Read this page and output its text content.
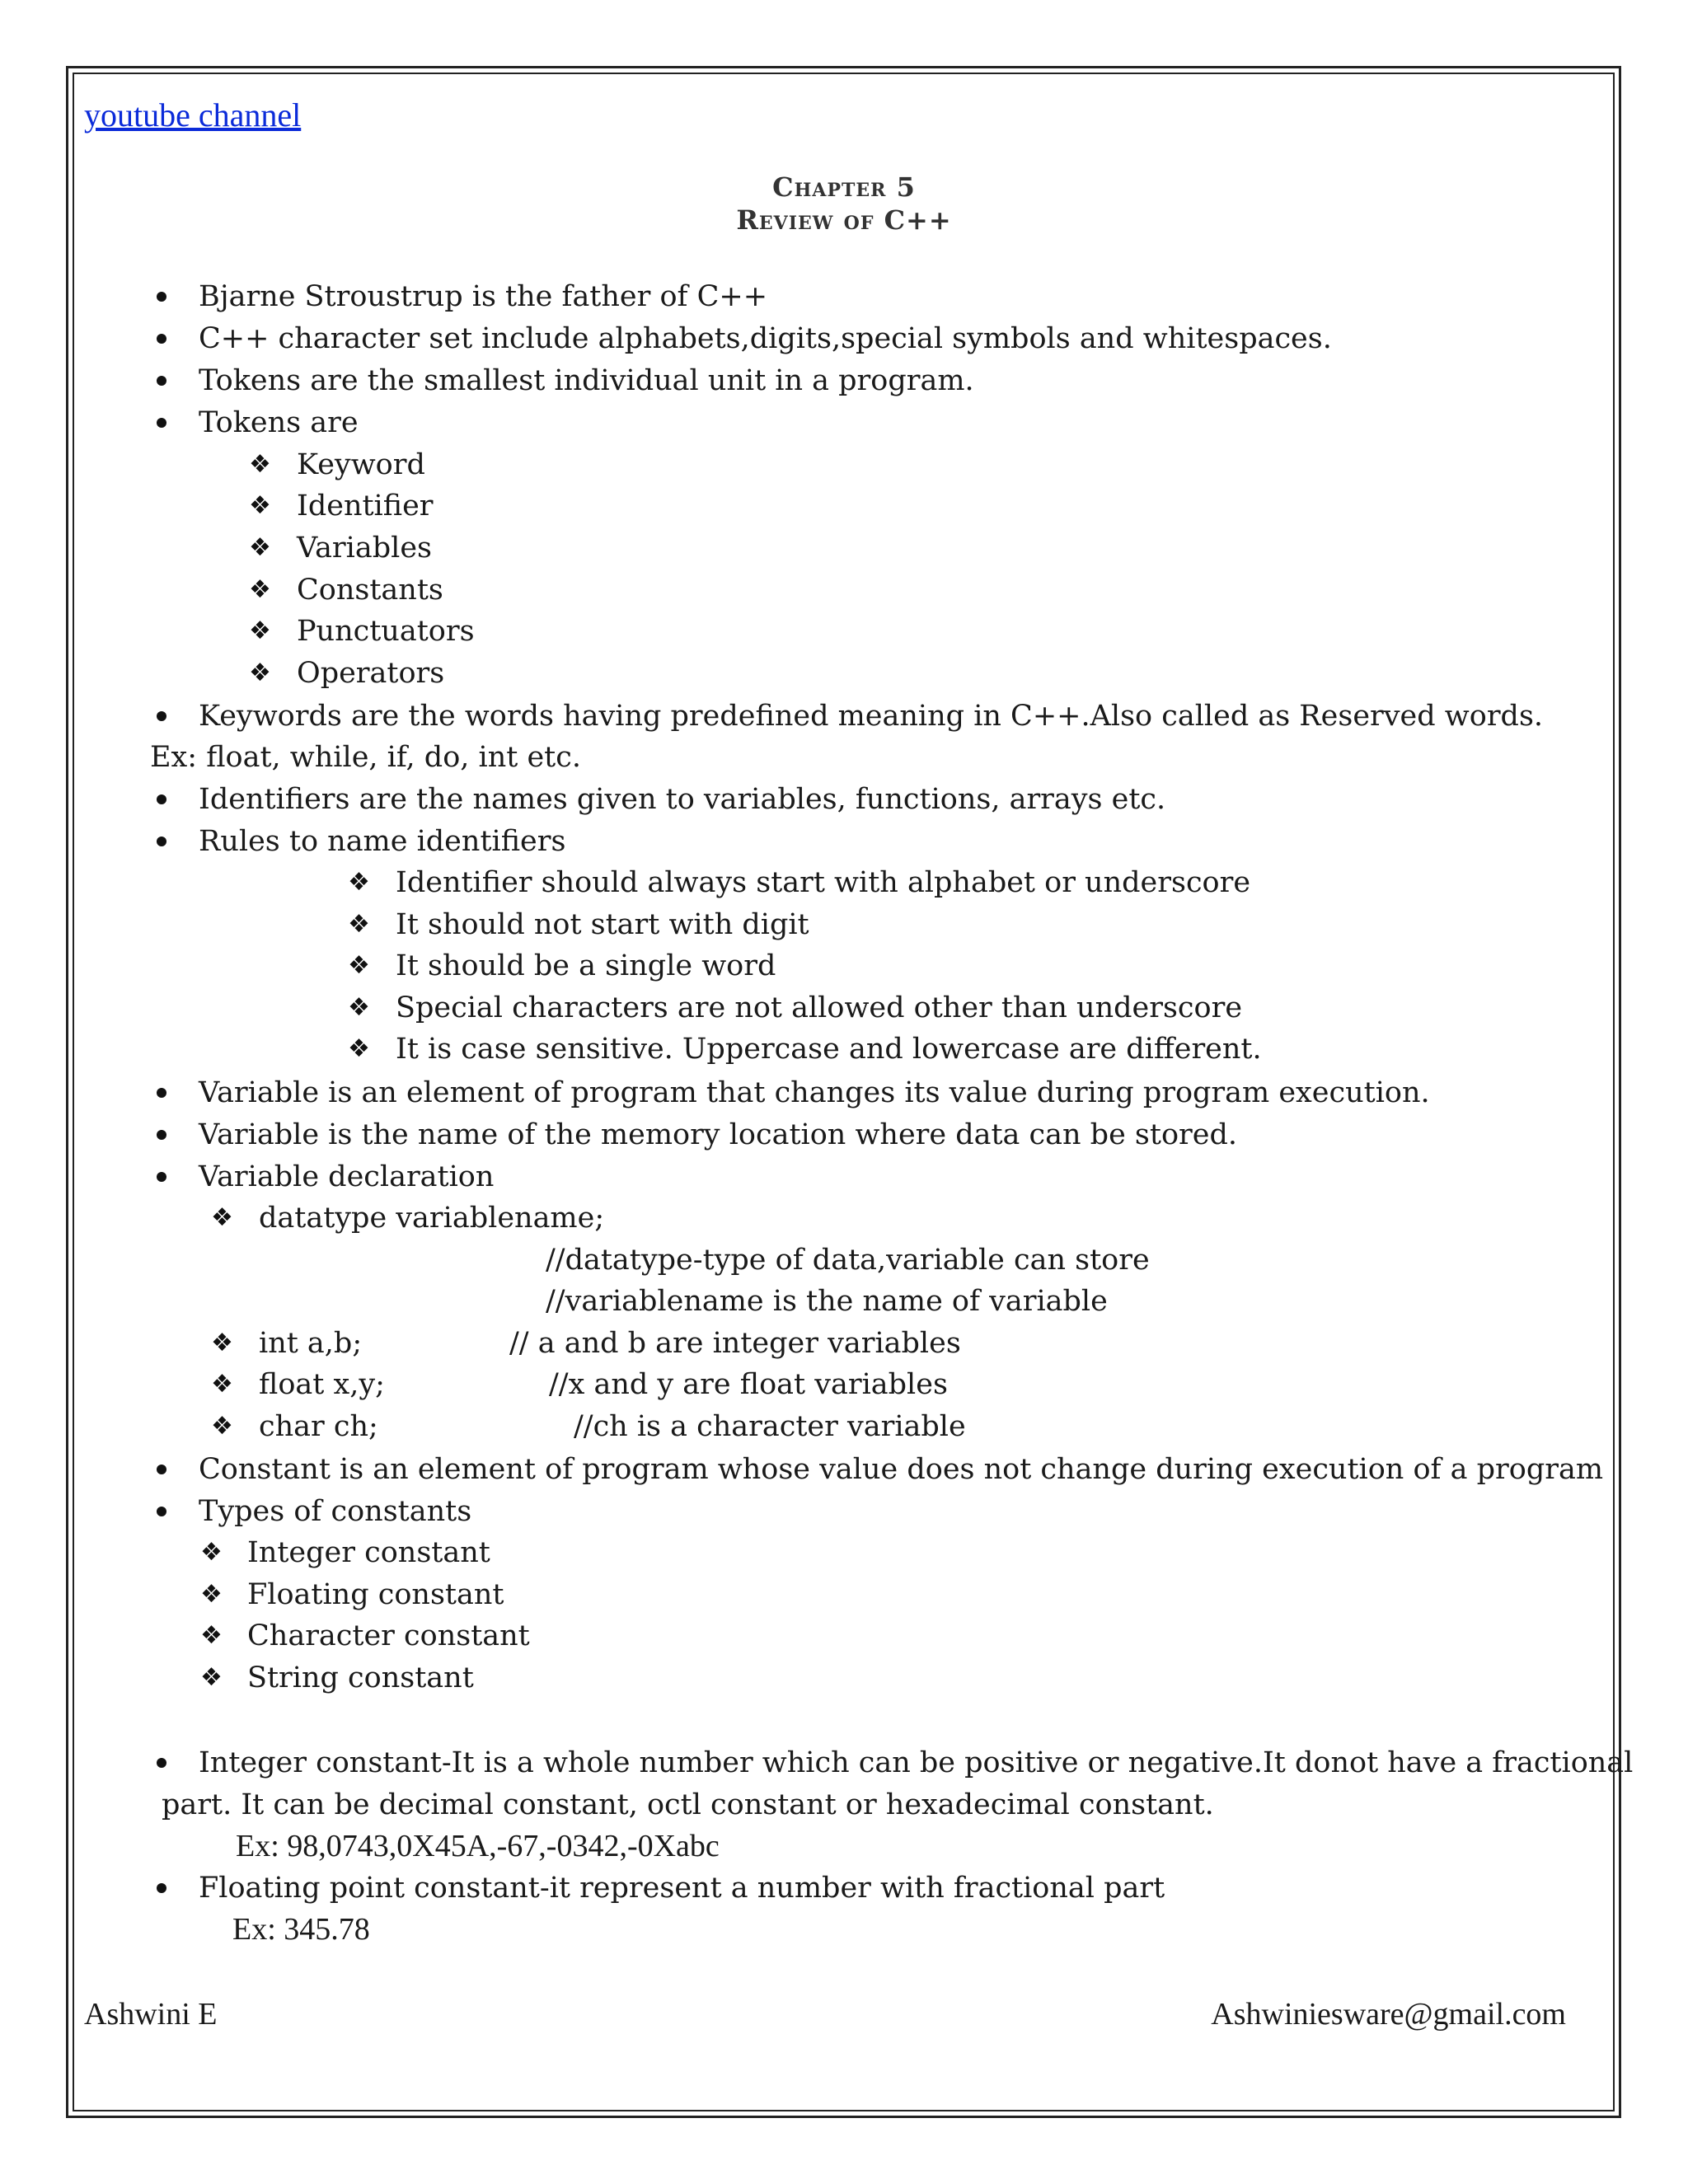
youtube channel
Chapter 5
Review of C++
Bjarne Stroustrup is the father of C++
C++ character set include alphabets,digits,special symbols and whitespaces.
Tokens are the smallest individual unit in a program.
Tokens are
❖ Keyword
❖ Identifier
❖ Variables
❖ Constants
❖ Punctuators
❖ Operators
Keywords are the words having predefined meaning in C++.Also called as Reserved words.
Ex: float, while, if, do, int etc.
Identifiers are the names given to variables, functions, arrays etc.
Rules to name identifiers
❖ Identifier should always start with alphabet or underscore
❖ It should not start with digit
❖ It should be a single word
❖ Special characters are not allowed other than underscore
❖ It is case sensitive. Uppercase and lowercase are different.
Variable is an element of program that changes its value during program execution.
Variable is the name of the memory location where data can be stored.
Variable declaration
❖ datatype variablename;
//datatype-type of data,variable can store
//variablename is the name of variable
❖ int a,b;	// a and b are integer variables
❖ float x,y;	//x and y are float variables
❖ char ch;	//ch is a character variable
Constant is an element of program whose value does not change during execution of a program
Types of constants
❖ Integer constant
❖ Floating constant
❖ Character constant
❖ String constant
Integer constant-It is a whole number which can be positive or negative.It donot have a fractional
part. It can be decimal constant, octl constant or hexadecimal constant.
Ex: 98,0743,0X45A,-67,-0342,-0Xabc
Floating point constant-it represent a number with fractional part
Ex: 345.78
Ashwini E	Ashwiniesware@gmail.com
